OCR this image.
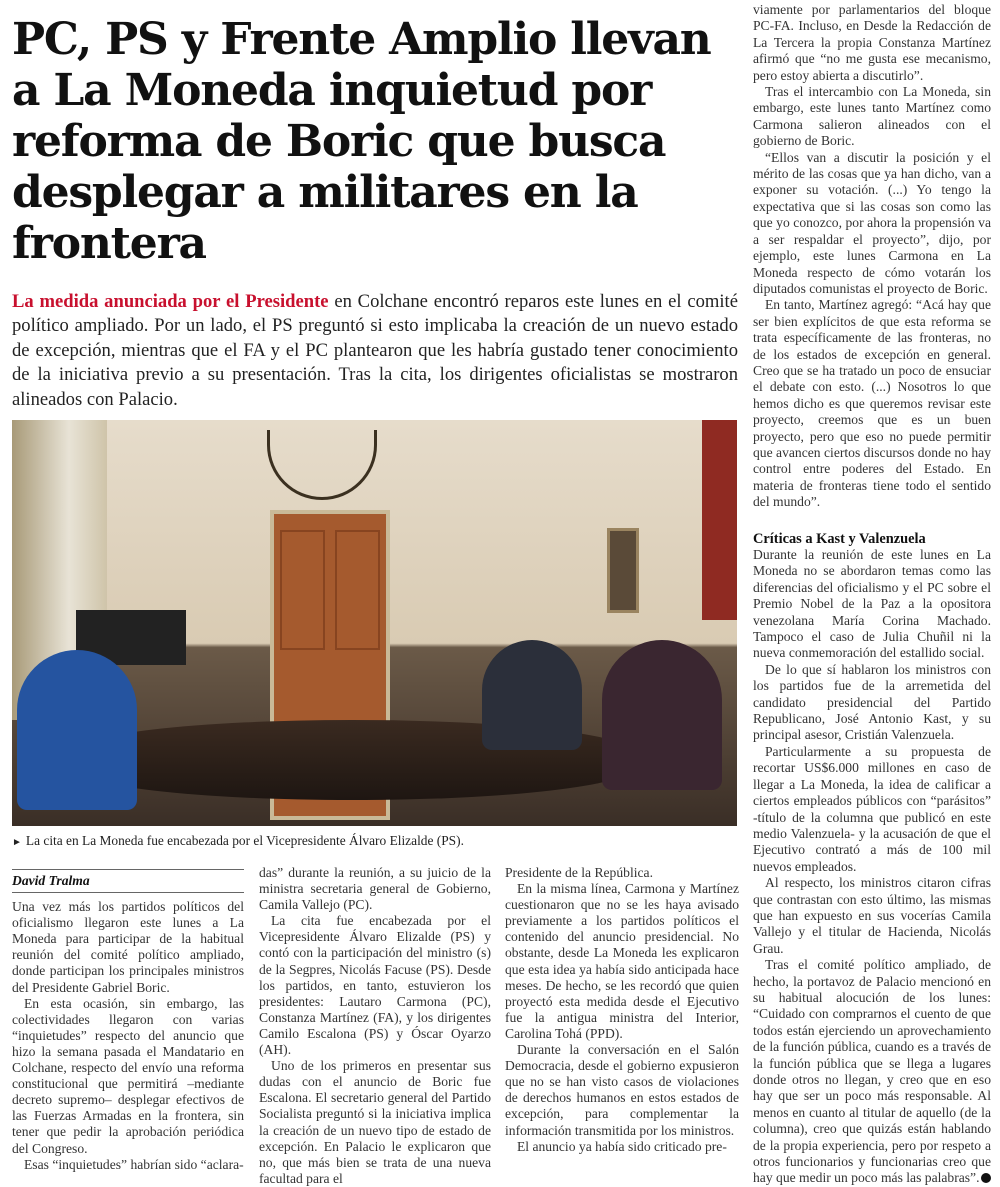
PC, PS y Frente Amplio llevan a La Moneda inquietud por reforma de Boric que busca desplegar a militares en la frontera

La medida anunciada por el Presidente en Colchane encontró reparos este lunes en el comité político ampliado. Por un lado, el PS preguntó si esto implicaba la creación de un nuevo estado de excepción, mientras que el FA y el PC plantearon que les habría gustado tener conocimiento de la iniciativa previo a su presentación. Tras la cita, los dirigentes oficialistas se mostraron alineados con Palacio.

► La cita en La Moneda fue encabezada por el Vicepresidente Álvaro Elizalde (PS).

David Tralma

Una vez más los partidos políticos del oficialismo llegaron este lunes a La Moneda para participar de la habitual reunión del comité político ampliado, donde participan los principales ministros del Presidente Gabriel Boric.

En esta ocasión, sin embargo, las colectividades llegaron con varias “inquietudes” respecto del anuncio que hizo la semana pasada el Mandatario en Colchane, respecto del envío una reforma constitucional que permitirá –mediante decreto supremo– desplegar efectivos de las Fuerzas Armadas en la frontera, sin tener que pedir la aprobación periódica del Congreso.

Esas “inquietudes” habrían sido “aclara-

das” durante la reunión, a su juicio de la ministra secretaria general de Gobierno, Camila Vallejo (PC).

La cita fue encabezada por el Vicepresidente Álvaro Elizalde (PS) y contó con la participación del ministro (s) de la Segpres, Nicolás Facuse (PS). Desde los partidos, en tanto, estuvieron los presidentes: Lautaro Carmona (PC), Constanza Martínez (FA), y los dirigentes Camilo Escalona (PS) y Óscar Oyarzo (AH).

Uno de los primeros en presentar sus dudas con el anuncio de Boric fue Escalona. El secretario general del Partido Socialista preguntó si la iniciativa implica la creación de un nuevo tipo de estado de excepción. En Palacio le explicaron que no, que más bien se trata de una nueva facultad para el

Presidente de la República.

En la misma línea, Carmona y Martínez cuestionaron que no se les haya avisado previamente a los partidos políticos el contenido del anuncio presidencial. No obstante, desde La Moneda les explicaron que esta idea ya había sido anticipada hace meses. De hecho, se les recordó que quien proyectó esta medida desde el Ejecutivo fue la antigua ministra del Interior, Carolina Tohá (PPD).

Durante la conversación en el Salón Democracia, desde el gobierno expusieron que no se han visto casos de violaciones de derechos humanos en estos estados de excepción, para complementar la información transmitida por los ministros.

El anuncio ya había sido criticado pre-

viamente por parlamentarios del bloque PC-FA. Incluso, en Desde la Redacción de La Tercera la propia Constanza Martínez afirmó que “no me gusta ese mecanismo, pero estoy abierta a discutirlo”.

Tras el intercambio con La Moneda, sin embargo, este lunes tanto Martínez como Carmona salieron alineados con el gobierno de Boric.

“Ellos van a discutir la posición y el mérito de las cosas que ya han dicho, van a exponer su votación. (...) Yo tengo la expectativa que si las cosas son como las que yo conozco, por ahora la propensión va a ser respaldar el proyecto”, dijo, por ejemplo, este lunes Carmona en La Moneda respecto de cómo votarán los diputados comunistas el proyecto de Boric.

En tanto, Martínez agregó: “Acá hay que ser bien explícitos de que esta reforma se trata específicamente de las fronteras, no de los estados de excepción en general. Creo que se ha tratado un poco de ensuciar el debate con esto. (...) Nosotros lo que hemos dicho es que queremos revisar este proyecto, creemos que es un buen proyecto, pero que eso no puede permitir que avancen ciertos discursos donde no hay control entre poderes del Estado. En materia de fronteras tiene todo el sentido del mundo”.

Críticas a Kast y Valenzuela

Durante la reunión de este lunes en La Moneda no se abordaron temas como las diferencias del oficialismo y el PC sobre el Premio Nobel de la Paz a la opositora venezolana María Corina Machado. Tampoco el caso de Julia Chuñil ni la nueva conmemoración del estallido social.

De lo que sí hablaron los ministros con los partidos fue de la arremetida del candidato presidencial del Partido Republicano, José Antonio Kast, y su principal asesor, Cristián Valenzuela.

Particularmente a su propuesta de recortar US$6.000 millones en caso de llegar a La Moneda, la idea de calificar a ciertos empleados públicos con “parásitos” -título de la columna que publicó en este medio Valenzuela- y la acusación de que el Ejecutivo contrató a más de 100 mil nuevos empleados.

Al respecto, los ministros citaron cifras que contrastan con esto último, las mismas que han expuesto en sus vocerías Camila Vallejo y el titular de Hacienda, Nicolás Grau.

Tras el comité político ampliado, de hecho, la portavoz de Palacio mencionó en su habitual alocución de los lunes: “Cuidado con comprarnos el cuento de que todos están ejerciendo un aprovechamiento de la función pública, cuando es a través de la función pública que se llega a lugares donde otros no llegan, y creo que en eso hay que ser un poco más responsable. Al menos en cuanto al titular de aquello (de la columna), creo que quizás están hablando de la propia experiencia, pero por respeto a otros funcionarios y funcionarias creo que hay que medir un poco más las palabras”.
